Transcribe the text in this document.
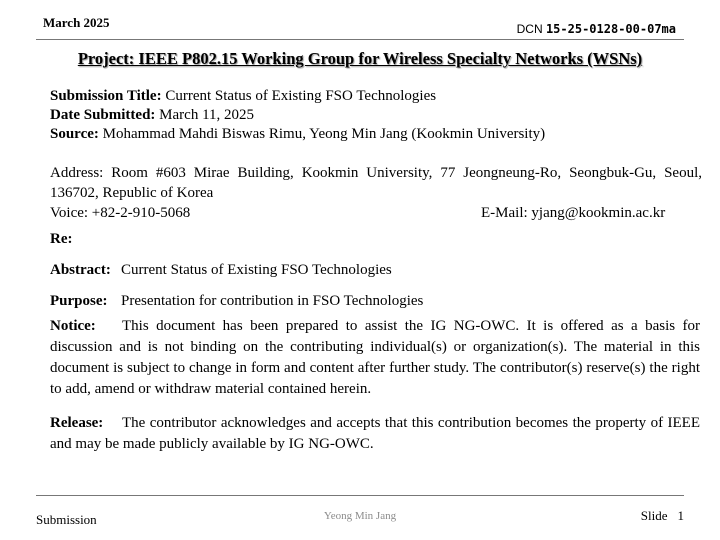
March 2025	DCN 15-25-0128-00-07ma
Project: IEEE P802.15 Working Group for Wireless Specialty Networks (WSNs)
Submission Title: Current Status of Existing FSO Technologies
Date Submitted: March 11, 2025
Source: Mohammad Mahdi Biswas Rimu, Yeong Min Jang (Kookmin University)
Address: Room #603 Mirae Building, Kookmin University, 77 Jeongneung-Ro, Seongbuk-Gu, Seoul, 136702, Republic of Korea
Voice: +82-2-910-5068	E-Mail: yjang@kookmin.ac.kr
Re:
Abstract: Current Status of Existing FSO Technologies
Purpose: Presentation for contribution in FSO Technologies
Notice: This document has been prepared to assist the IG NG-OWC. It is offered as a basis for discussion and is not binding on the contributing individual(s) or organization(s). The material in this document is subject to change in form and content after further study. The contributor(s) reserve(s) the right to add, amend or withdraw material contained herein.
Release: The contributor acknowledges and accepts that this contribution becomes the property of IEEE and may be made publicly available by IG NG-OWC.
Submission	Yeong Min Jang	Slide 1
